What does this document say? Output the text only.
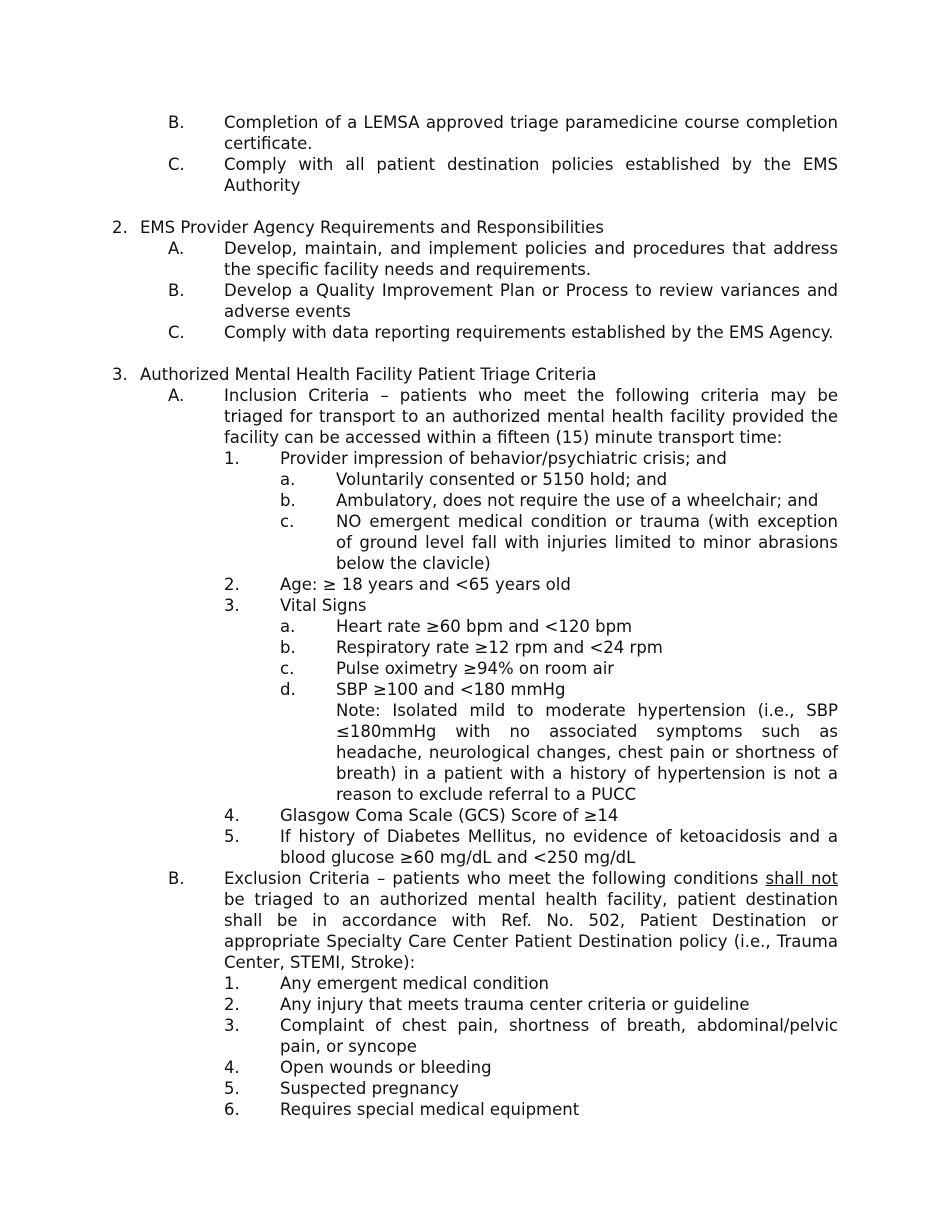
B.	Completion of a LEMSA approved triage paramedicine course completion certificate.
C.	Comply with all patient destination policies established by the EMS Authority
2. EMS Provider Agency Requirements and Responsibilities
A.	Develop, maintain, and implement policies and procedures that address the specific facility needs and requirements.
B.	Develop a Quality Improvement Plan or Process to review variances and adverse events
C.	Comply with data reporting requirements established by the EMS Agency.
3. Authorized Mental Health Facility Patient Triage Criteria
A.	Inclusion Criteria – patients who meet the following criteria may be triaged for transport to an authorized mental health facility provided the facility can be accessed within a fifteen (15) minute transport time:
1.	Provider impression of behavior/psychiatric crisis; and
a.	Voluntarily consented or 5150 hold; and
b.	Ambulatory, does not require the use of a wheelchair; and
c.	NO emergent medical condition or trauma (with exception of ground level fall with injuries limited to minor abrasions below the clavicle)
2.	Age: ≥ 18 years and <65 years old
3.	Vital Signs
a.	Heart rate ≥60 bpm and <120 bpm
b.	Respiratory rate ≥12 rpm and <24 rpm
c.	Pulse oximetry ≥94% on room air
d.	SBP ≥100 and <180 mmHg
Note: Isolated mild to moderate hypertension (i.e., SBP ≤180mmHg with no associated symptoms such as headache, neurological changes, chest pain or shortness of breath) in a patient with a history of hypertension is not a reason to exclude referral to a PUCC
4.	Glasgow Coma Scale (GCS) Score of ≥14
5.	If history of Diabetes Mellitus, no evidence of ketoacidosis and a blood glucose ≥60 mg/dL and <250 mg/dL
B.	Exclusion Criteria – patients who meet the following conditions shall not be triaged to an authorized mental health facility, patient destination shall be in accordance with Ref. No. 502, Patient Destination or appropriate Specialty Care Center Patient Destination policy (i.e., Trauma Center, STEMI, Stroke):
1.	Any emergent medical condition
2.	Any injury that meets trauma center criteria or guideline
3.	Complaint of chest pain, shortness of breath, abdominal/pelvic pain, or syncope
4.	Open wounds or bleeding
5.	Suspected pregnancy
6.	Requires special medical equipment
